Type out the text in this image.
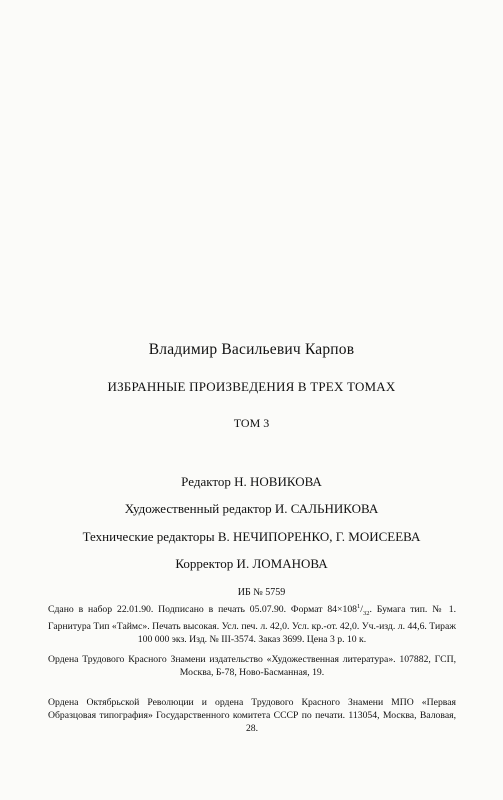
Владимир Васильевич Карпов
ИЗБРАННЫЕ ПРОИЗВЕДЕНИЯ В ТРЕХ ТОМАХ
ТОМ 3
Редактор Н. НОВИКОВА
Художественный редактор И. САЛЬНИКОВА
Технические редакторы В. НЕЧИПОРЕНКО, Г. МОИСЕЕВА
Корректор И. ЛОМАНОВА
ИБ № 5759
Сдано в набор 22.01.90. Подписано в печать 05.07.90. Формат $84\times 108^1/_{32}$. Бумага тип. № 1. Гарнитура Тип «Таймс». Печать высокая. Усл. печ. л. 42,0. Усл. кр.-от. 42,0. Уч.-изд. л. 44,6. Тираж 100 000 экз. Изд. № III-3574. Заказ 3699. Цена 3 р. 10 к.
Ордена Трудового Красного Знамени издательство «Художественная литература». 107882, ГСП, Москва, Б-78, Ново-Басманная, 19.
Ордена Октябрьской Революции и ордена Трудового Красного Знамени МПО «Первая Образцовая типография» Государственного комитета СССР по печати. 113054, Москва, Валовая, 28.
